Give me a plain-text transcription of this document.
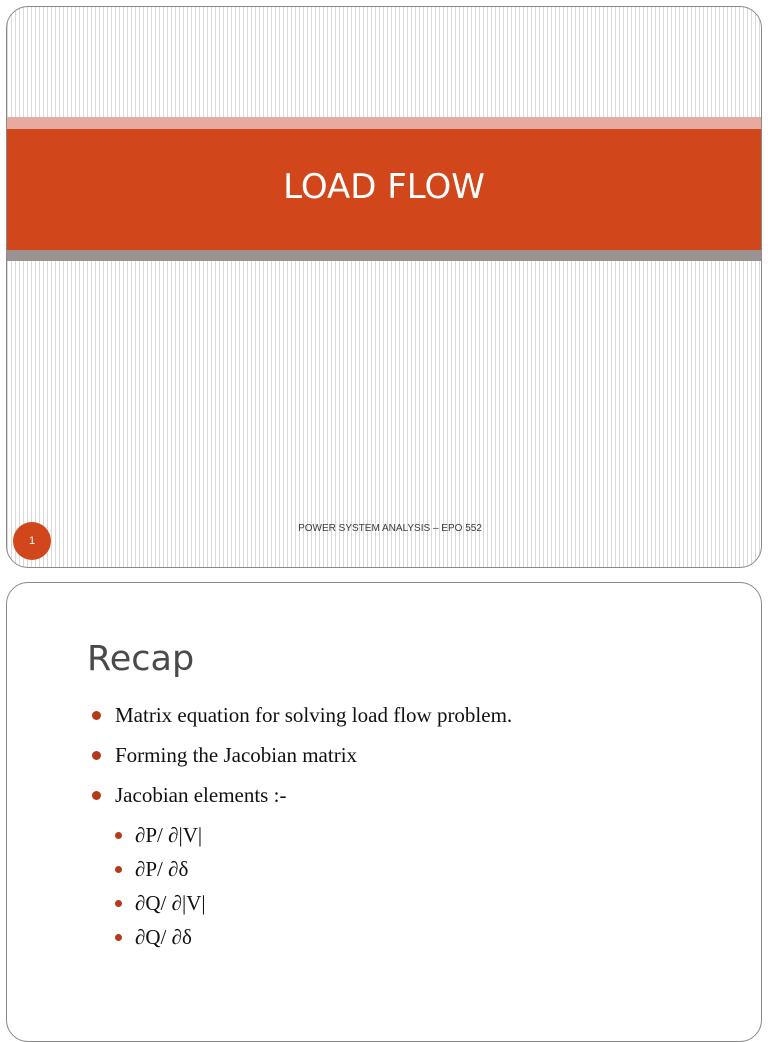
LOAD FLOW
POWER SYSTEM ANALYSIS – EPO 552
1
Recap
Matrix equation for solving load flow problem.
Forming the Jacobian matrix
Jacobian elements :-
∂P/ ∂|V|
∂P/ ∂δ
∂Q/ ∂|V|
∂Q/ ∂δ
